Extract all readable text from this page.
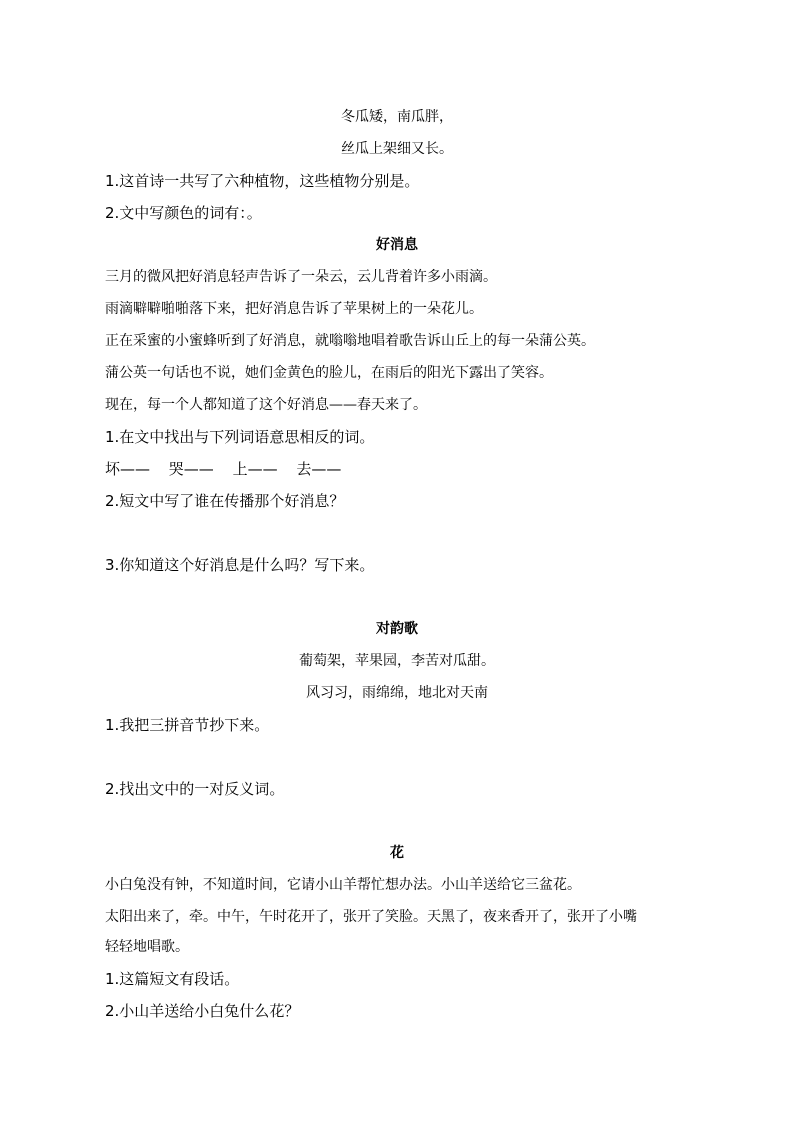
冬瓜矮，南瓜胖，
丝瓜上架细又长。
1.这首诗一共写了六种植物，这些植物分别是。
2.文中写颜色的词有：。
好消息
三月的微风把好消息轻声告诉了一朵云，云儿背着许多小雨滴。
雨滴噼噼啪啪落下来，把好消息告诉了苹果树上的一朵花儿。
正在采蜜的小蜜蜂听到了好消息，就嗡嗡地唱着歌告诉山丘上的每一朵蒲公英。
蒲公英一句话也不说，她们金黄色的脸儿，在雨后的阳光下露出了笑容。
现在，每一个人都知道了这个好消息——春天来了。
1.在文中找出与下列词语意思相反的词。
坏—— 哭—— 上—— 去——
2.短文中写了谁在传播那个好消息？
3.你知道这个好消息是什么吗？写下来。
对韵歌
葡萄架，苹果园，李苦对瓜甜。
风习习，雨绵绵，地北对天南
1.我把三拼音节抄下来。
2.找出文中的一对反义词。
花
小白兔没有钟，不知道时间，它请小山羊帮忙想办法。小山羊送给它三盆花。
太阳出来了，牵。中午，午时花开了，张开了笑脸。天黑了，夜来香开了，张开了小嘴
轻轻地唱歌。
1.这篇短文有段话。
2.小山羊送给小白兔什么花？
